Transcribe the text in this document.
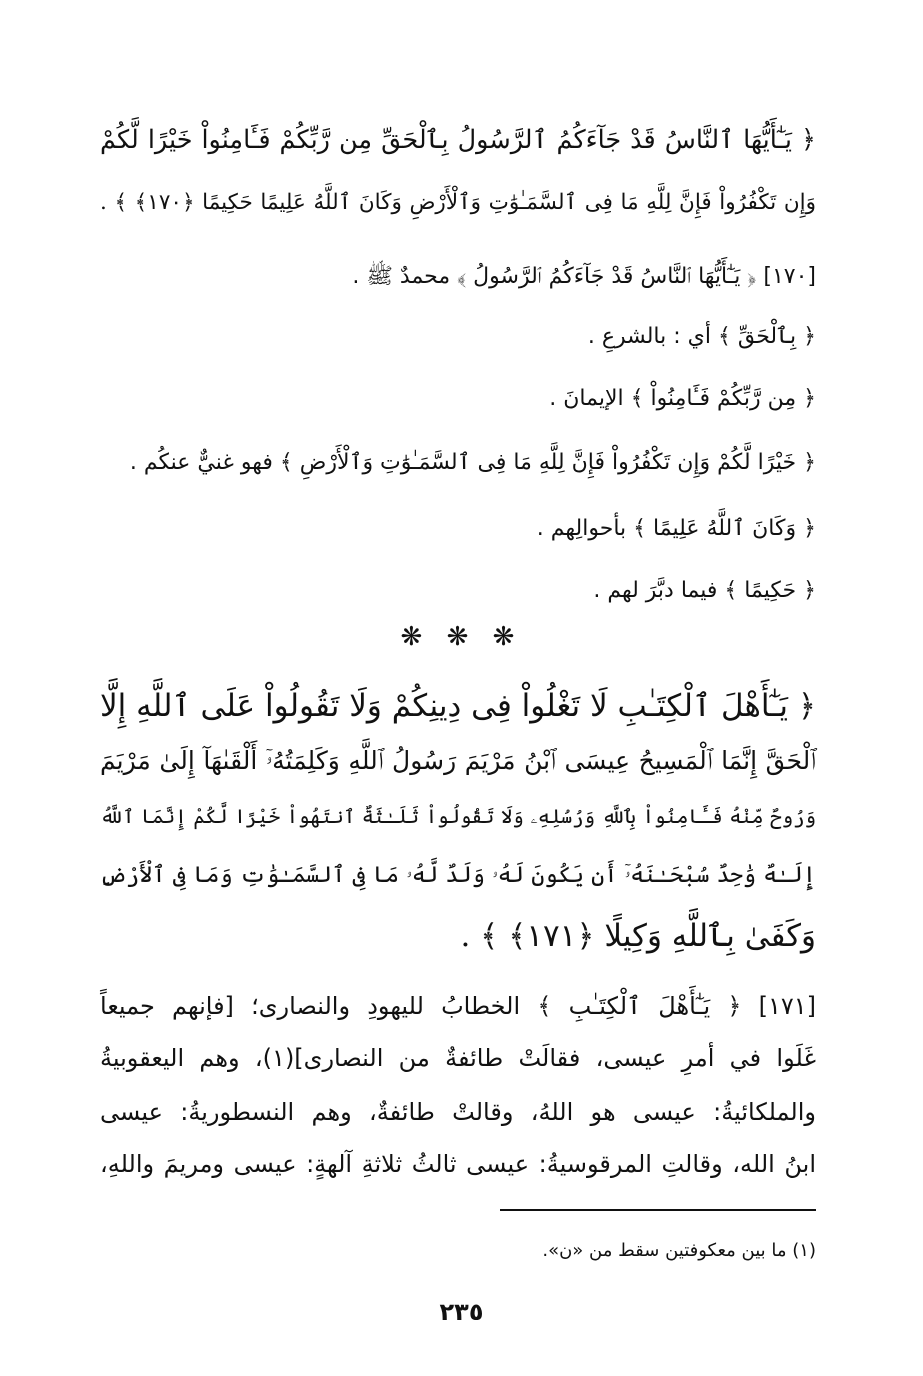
﴿ يَـٰٓأَيُّهَا ٱلنَّاسُ قَدْ جَآءَكُمُ ٱلرَّسُولُ بِٱلْحَقِّ مِن رَّبِّكُمْ فَـَٔامِنُواْ خَيْرًا لَّكُمْ
وَإِن تَكْفُرُواْ فَإِنَّ لِلَّهِ مَا فِى ٱلسَّمَـٰوَٰتِ وَٱلْأَرْضِ وَكَانَ ٱللَّهُ عَلِيمًا حَكِيمًا ﴿١٧٠﴾ ﴾ .
[١٧٠] ﴿ يَـٰٓأَيُّهَا ٱلنَّاسُ قَدْ جَآءَكُمُ ٱلرَّسُولُ ﴾ محمدٌ ﷺ .
﴿ بِٱلْحَقِّ ﴾ أي : بالشرعِ .
﴿ مِن رَّبِّكُمْ فَـَٔامِنُواْ ﴾ الإيمانَ .
﴿ خَيْرًا لَّكُمْ وَإِن تَكْفُرُواْ فَإِنَّ لِلَّهِ مَا فِى ٱلسَّمَـٰوَٰتِ وَٱلْأَرْضِ ﴾ فهو غنيٌّ عنكُم .
﴿ وَكَانَ ٱللَّهُ عَلِيمًا ﴾ بأحوالِهم .
﴿ حَكِيمًا ﴾ فيما دبَّرَ لهم .
❋ ❋ ❋
﴿ يَـٰٓأَهْلَ ٱلْكِتَـٰبِ لَا تَغْلُواْ فِى دِينِكُمْ وَلَا تَقُولُواْ عَلَى ٱللَّهِ إِلَّا
ٱلْحَقَّ إِنَّمَا ٱلْمَسِيحُ عِيسَى ٱبْنُ مَرْيَمَ رَسُولُ ٱللَّهِ وَكَلِمَتُهُۥٓ أَلْقَىٰهَآ إِلَىٰ مَرْيَمَ
وَرُوحٌ مِّنْهُ فَـَٔامِنُواْ بِٱللَّهِ وَرُسُلِهِۦ وَلَا تَقُولُواْ ثَلَـٰثَةٌ ٱنتَهُواْ خَيْرًا لَّكُمْ إِنَّمَا ٱللَّهُ
إِلَـٰهٌ وَٰحِدٌ سُبْحَـٰنَهُۥٓ أَن يَكُونَ لَهُۥ وَلَدٌ لَّهُۥ مَا فِى ٱلسَّمَـٰوَٰتِ وَمَا فِى ٱلْأَرْضِ
وَكَفَىٰ بِٱللَّهِ وَكِيلًا ﴿١٧١﴾ ﴾ .
[١٧١] ﴿ يَـٰٓأَهْلَ ٱلْكِتَـٰبِ ﴾ الخطابُ لليهودِ والنصارى؛ [فإنهم جميعاً
غَلَوا في أمرِ عيسى، فقالَتْ طائفةٌ من النصارى](١)، وهم اليعقوبيةُ
والملكائيةُ: عيسى هو اللهُ، وقالتْ طائفةٌ، وهم النسطوريةُ: عيسى
ابنُ الله، وقالتِ المرقوسيةُ: عيسى ثالثُ ثلاثةِ آلهةٍ: عيسى ومريمَ واللهِ،
(١) ما بين معكوفتين سقط من «ن».
٢٣٥
